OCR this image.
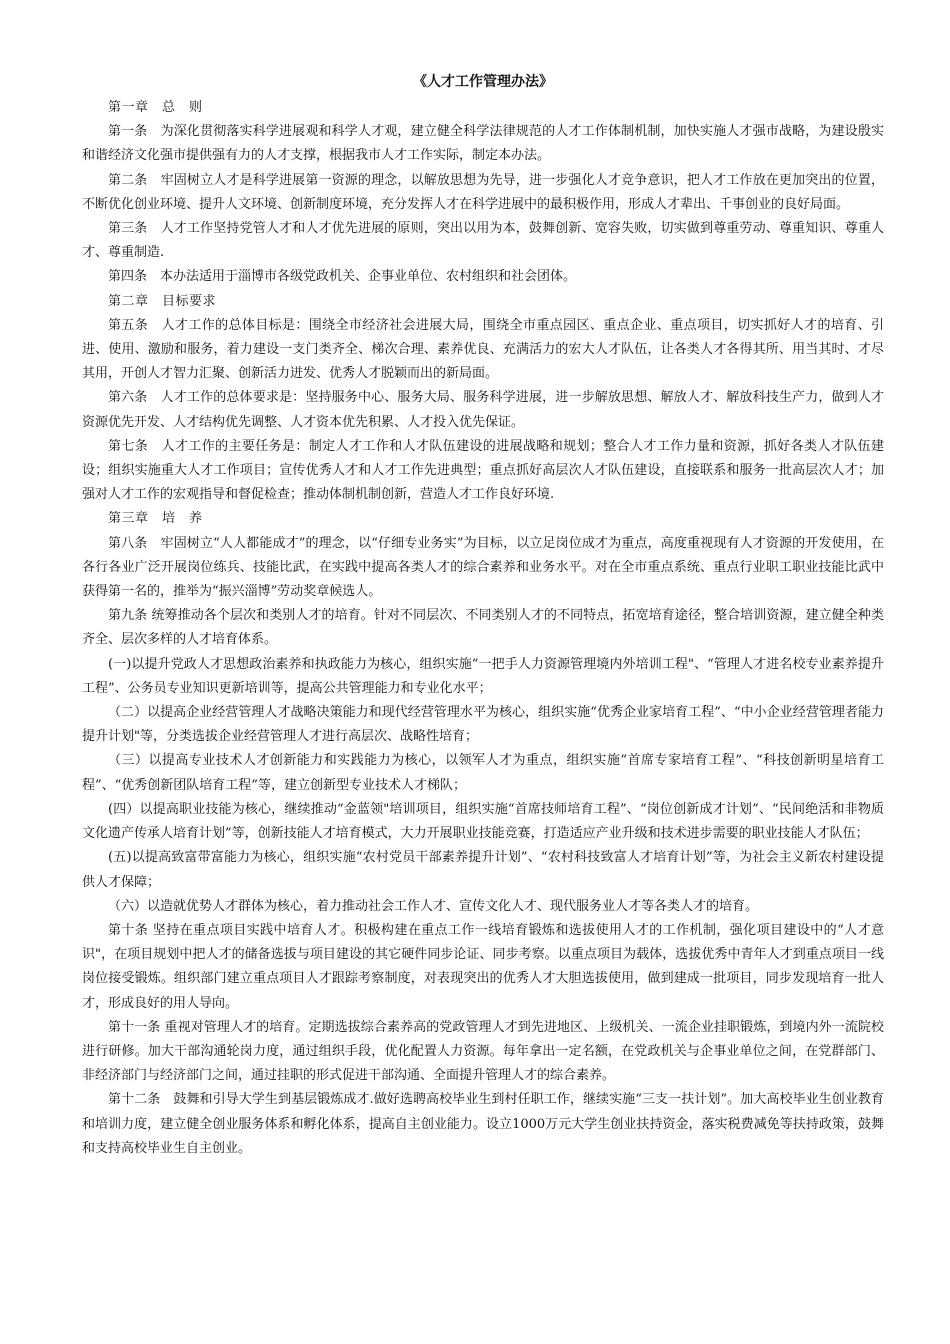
《人才工作管理办法》

第一章　总　则

第一条　为深化贯彻落实科学进展观和科学人才观，建立健全科学法律规范的人才工作体制机制，加快实施人才强市战略，为建设殷实和谐经济文化强市提供强有力的人才支撑，根据我市人才工作实际，制定本办法。

第二条　牢固树立人才是科学进展第一资源的理念，以解放思想为先导，进一步强化人才竞争意识，把人才工作放在更加突出的位置，不断优化创业环境、提升人文环境、创新制度环境，充分发挥人才在科学进展中的最积极作用，形成人才辈出、千事创业的良好局面。

第三条　人才工作坚持党管人才和人才优先进展的原则，突出以用为本，鼓舞创新、宽容失败，切实做到尊重劳动、尊重知识、尊重人才、尊重制造.

第四条　本办法适用于淄博市各级党政机关、企事业单位、农村组织和社会团体。

第二章　目标要求

第五条　人才工作的总体目标是：围绕全市经济社会进展大局，围绕全市重点园区、重点企业、重点项目，切实抓好人才的培育、引进、使用、激励和服务，着力建设一支门类齐全、梯次合理、素养优良、充满活力的宏大人才队伍，让各类人才各得其所、用当其时、才尽其用，开创人才智力汇聚、创新活力迸发、优秀人才脱颖而出的新局面。

第六条　人才工作的总体要求是：坚持服务中心、服务大局、服务科学进展，进一步解放思想、解放人才、解放科技生产力，做到人才资源优先开发、人才结构优先调整、人才资本优先积累、人才投入优先保证。

第七条　人才工作的主要任务是：制定人才工作和人才队伍建设的进展战略和规划；整合人才工作力量和资源，抓好各类人才队伍建设；组织实施重大人才工作项目；宣传优秀人才和人才工作先进典型；重点抓好高层次人才队伍建设，直接联系和服务一批高层次人才；加强对人才工作的宏观指导和督促检查；推动体制机制创新，营造人才工作良好环境.

第三章　培　养

第八条　牢固树立“人人都能成才”的理念，以“仔细专业务实”为目标，以立足岗位成才为重点，高度重视现有人才资源的开发使用，在各行各业广泛开展岗位练兵、技能比武，在实践中提高各类人才的综合素养和业务水平。对在全市重点系统、重点行业职工职业技能比武中获得第一名的，推举为“振兴淄博”劳动奖章候选人。

第九条 统筹推动各个层次和类别人才的培育。针对不同层次、不同类别人才的不同特点，拓宽培育途径，整合培训资源，建立健全种类齐全、层次多样的人才培育体系。

(一)以提升党政人才思想政治素养和执政能力为核心，组织实施“一把手人力资源管理境内外培训工程"、“管理人才进名校专业素养提升工程”、公务员专业知识更新培训等，提高公共管理能力和专业化水平；

（二）以提高企业经营管理人才战略决策能力和现代经营管理水平为核心，组织实施“优秀企业家培育工程”、“中小企业经营管理者能力提升计划"等，分类选拔企业经营管理人才进行高层次、战略性培育；

（三）以提高专业技术人才创新能力和实践能力为核心，以领军人才为重点，组织实施“首席专家培育工程”、“科技创新明星培育工程”、“优秀创新团队培育工程”等，建立创新型专业技术人才梯队；

(四）以提高职业技能为核心，继续推动“金蓝领"培训项目，组织实施“首席技师培育工程”、“岗位创新成才计划”、“民间绝活和非物质文化遗产传承人培育计划”等，创新技能人才培育模式，大力开展职业技能竞赛，打造适应产业升级和技术进步需要的职业技能人才队伍；

(五)以提高致富带富能力为核心，组织实施“农村党员干部素养提升计划”、“农村科技致富人才培育计划”等，为社会主义新农村建设提供人才保障；

（六）以造就优势人才群体为核心，着力推动社会工作人才、宣传文化人才、现代服务业人才等各类人才的培育。

第十条 坚持在重点项目实践中培育人才。积极构建在重点工作一线培育锻炼和选拔使用人才的工作机制，强化项目建设中的“人才意识"，在项目规划中把人才的储备选拔与项目建设的其它硬件同步论证、同步考察。以重点项目为载体，选拔优秀中青年人才到重点项目一线岗位接受锻炼。组织部门建立重点项目人才跟踪考察制度，对表现突出的优秀人才大胆选拔使用，做到建成一批项目，同步发现培育一批人才，形成良好的用人导向。

第十一条 重视对管理人才的培育。定期选拔综合素养高的党政管理人才到先进地区、上级机关、一流企业挂职锻炼，到境内外一流院校进行研修。加大干部沟通轮岗力度，通过组织手段，优化配置人力资源。每年拿出一定名额，在党政机关与企事业单位之间，在党群部门、非经济部门与经济部门之间，通过挂职的形式促进干部沟通、全面提升管理人才的综合素养。

第十二条　鼓舞和引导大学生到基层锻炼成才.做好选聘高校毕业生到村任职工作，继续实施“三支一扶计划”。加大高校毕业生创业教育和培训力度，建立健全创业服务体系和孵化体系，提高自主创业能力。设立1000万元大学生创业扶持资金，落实税费减免等扶持政策，鼓舞和支持高校毕业生自主创业。
